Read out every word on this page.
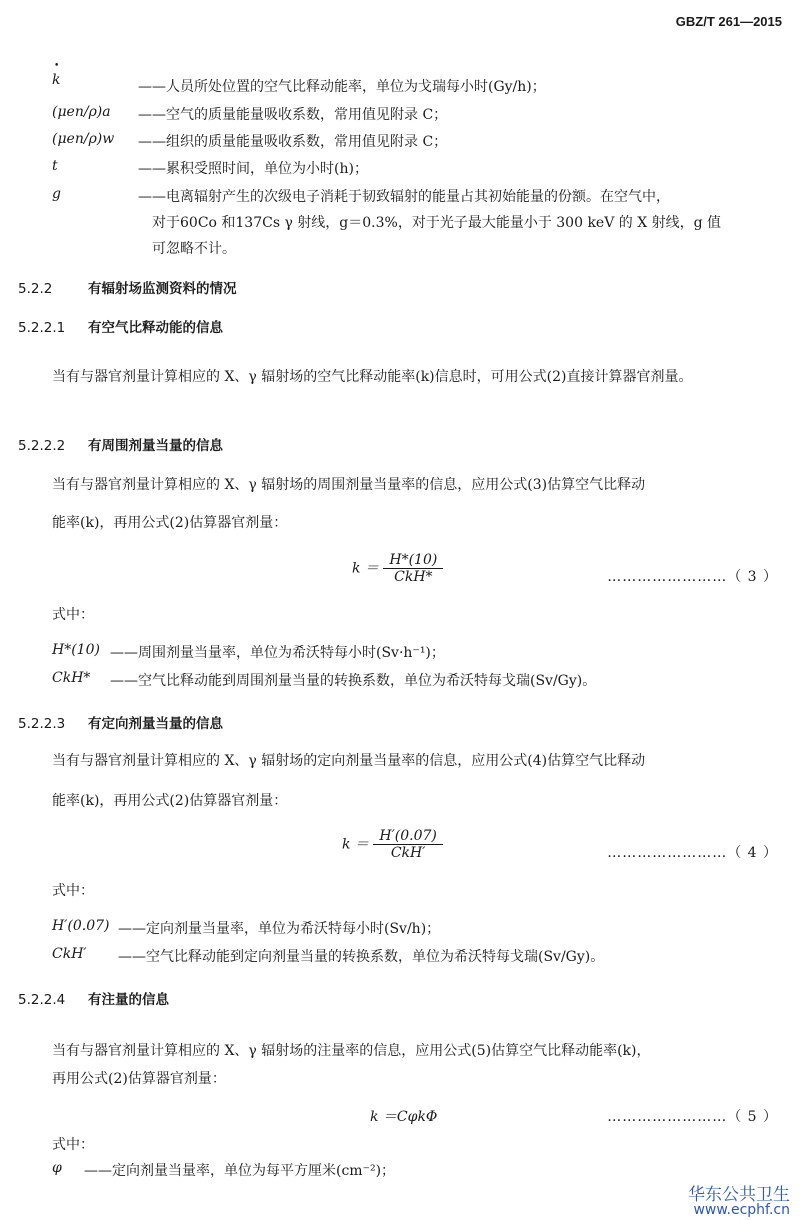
GBZ/T 261—2015
• k	——人员所处位置的空气比释动能率，单位为戈瑞每小时(Gy/h)；
(μen/ρ)a ——空气的质量能量吸收系数，常用值见附录 C；
(μen/ρ)w ——组织的质量能量吸收系数，常用值见附录 C；
t	——累积受照时间，单位为小时(h)；
g	——电离辐射产生的次级电子消耗于韧致辐射的能量占其初始能量的份额。在空气中，
对于60Co 和137Cs γ 射线，g＝0.3%，对于光子最大能量小于 300 keV 的 X 射线，g 值
可忽略不计。
5.2.2	有辐射场监测资料的情况
5.2.2.1 有空气比释动能的信息
当有与器官剂量计算相应的 X、γ 辐射场的空气比释动能率(k)信息时，可用公式(2)直接计算器官剂量。
5.2.2.2 有周围剂量当量的信息
当有与器官剂量计算相应的 X、γ 辐射场的周围剂量当量率的信息，应用公式(3)估算空气比释动
能率(k)，再用公式(2)估算器官剂量：
$k = \frac{H*(10)}{\text{CkH*}}$	……………………（ 3 ）
式中：
H*(10) ——周围剂量当量率，单位为希沃特每小时(Sv·h⁻¹)；
CkH* ——空气比释动能到周围剂量当量的转换系数，单位为希沃特每戈瑞(Sv/Gy)。
5.2.2.3 有定向剂量当量的信息
当有与器官剂量计算相应的 X、γ 辐射场的定向剂量当量率的信息，应用公式(4)估算空气比释动
能率(k)，再用公式(2)估算器官剂量：
$k = \frac{H'(0.07)}{\text{CkH′}}$	……………………（ 4 ）
式中：
H′(0.07) ——定向剂量当量率，单位为希沃特每小时(Sv/h)；
CkH′ ——空气比释动能到定向剂量当量的转换系数，单位为希沃特每戈瑞(Sv/Gy)。
5.2.2.4 有注量的信息
当有与器官剂量计算相应的 X、γ 辐射场的注量率的信息，应用公式(5)估算空气比释动能率(k)，
再用公式(2)估算器官剂量：
k ＝CφkΦ	……………………（ 5 ）
式中：
φ ——定向剂量当量率，单位为每平方厘米(cm⁻²)；
华东公共卫生
www.ecphf.cn
